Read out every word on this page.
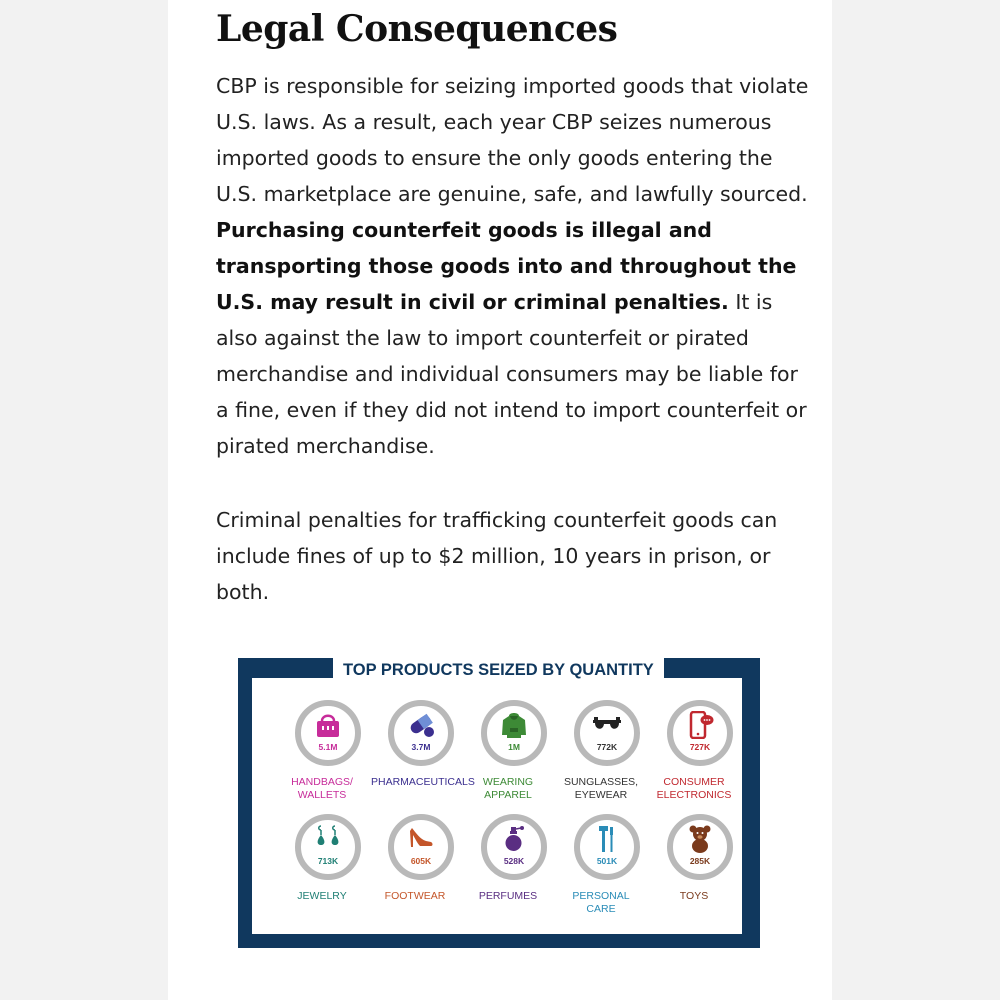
Legal Consequences

CBP is responsible for seizing imported goods that violate U.S. laws. As a result, each year CBP seizes numerous imported goods to ensure the only goods entering the U.S. marketplace are genuine, safe, and lawfully sourced. Purchasing counterfeit goods is illegal and transporting those goods into and throughout the U.S. may result in civil or criminal penalties. It is also against the law to import counterfeit or pirated merchandise and individual consumers may be liable for a fine, even if they did not intend to import counterfeit or pirated merchandise.

Criminal penalties for trafficking counterfeit goods can include fines of up to $2 million, 10 years in prison, or both.

5.1M
HANDBAGS/ WALLETS
3.7M
PHARMACEUTICALS
1M
WEARING APPAREL
772K
SUNGLASSES, EYEWEAR
727K
CONSUMER ELECTRONICS
713K
JEWELRY
605K
FOOTWEAR
528K
PERFUMES
501K
PERSONAL CARE
285K
TOYS
TOP PRODUCTS SEIZED BY QUANTITY
